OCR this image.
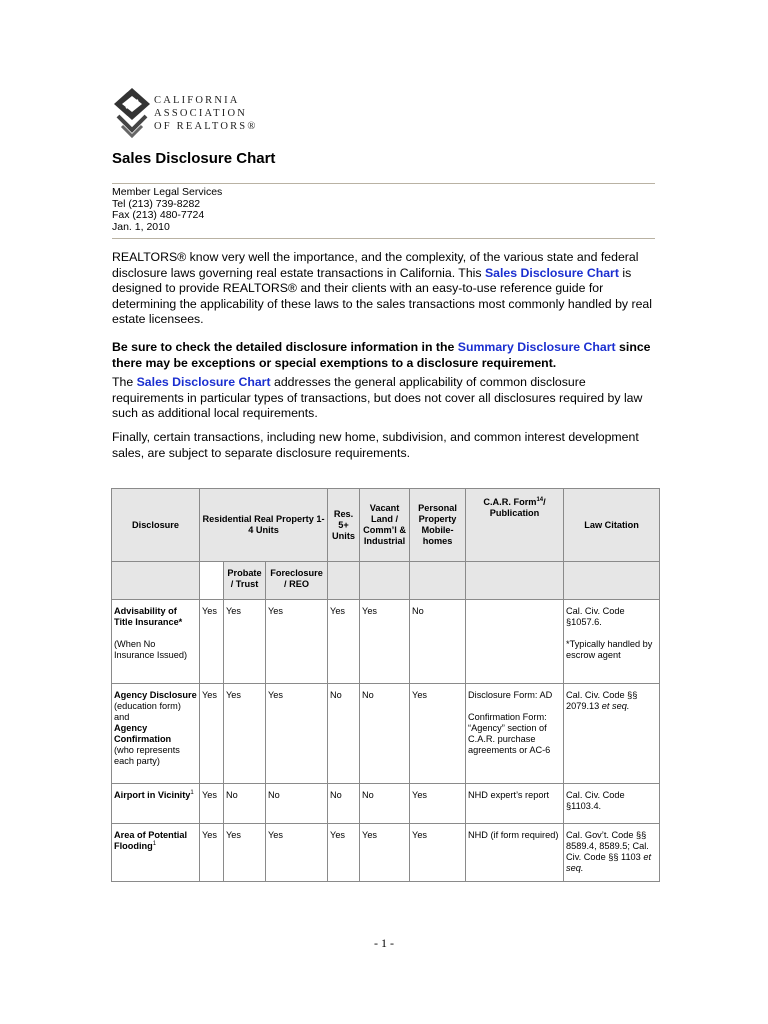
CALIFORNIA
ASSOCIATION
OF REALTORS®
Sales Disclosure Chart
Member Legal Services
Tel (213) 739-8282
Fax (213) 480-7724
Jan. 1, 2010
REALTORS® know very well the importance, and the complexity, of the various state and federal disclosure laws governing real estate transactions in California. This Sales Disclosure Chart is designed to provide REALTORS® and their clients with an easy-to-use reference guide for determining the applicability of these laws to the sales transactions most commonly handled by real estate licensees.
Be sure to check the detailed disclosure information in the Summary Disclosure Chart since there may be exceptions or special exemptions to a disclosure requirement.
The Sales Disclosure Chart addresses the general applicability of common disclosure requirements in particular types of transactions, but does not cover all disclosures required by law such as additional local requirements.
Finally, certain transactions, including new home, subdivision, and common interest development sales, are subject to separate disclosure requirements.
Disclosure	Residential Real Property 1-4 Units			Res. 5+ Units	Vacant Land / Comm’l & Industrial	Personal Property Mobile-homes	C.A.R. Form$^{14}$/ Publication	Law Citation
		Probate / Trust	Foreclosure / REO					
Advisability of Title Insurance*
(When No Insurance Issued)	Yes	Yes	Yes	Yes	Yes	No		Cal. Civ. Code §1057.6.
*Typically handled by escrow agent
Agency Disclosure
(education form) and
Agency Confirmation
(who represents each party)	Yes	Yes	Yes	No	No	Yes	Disclosure Form: AD
Confirmation Form: “Agency” section of C.A.R. purchase agreements or AC-6	Cal. Civ. Code §§ 2079.13 et seq.
Airport in Vicinity$^1$	Yes	No	No	No	No	Yes	NHD expert’s report	Cal. Civ. Code §1103.4.
Area of Potential Flooding$^1$	Yes	Yes	Yes	Yes	Yes	Yes	NHD (if form required)	Cal. Gov’t. Code §§ 8589.4, 8589.5; Cal. Civ. Code §§ 1103 et seq.
- 1 -
